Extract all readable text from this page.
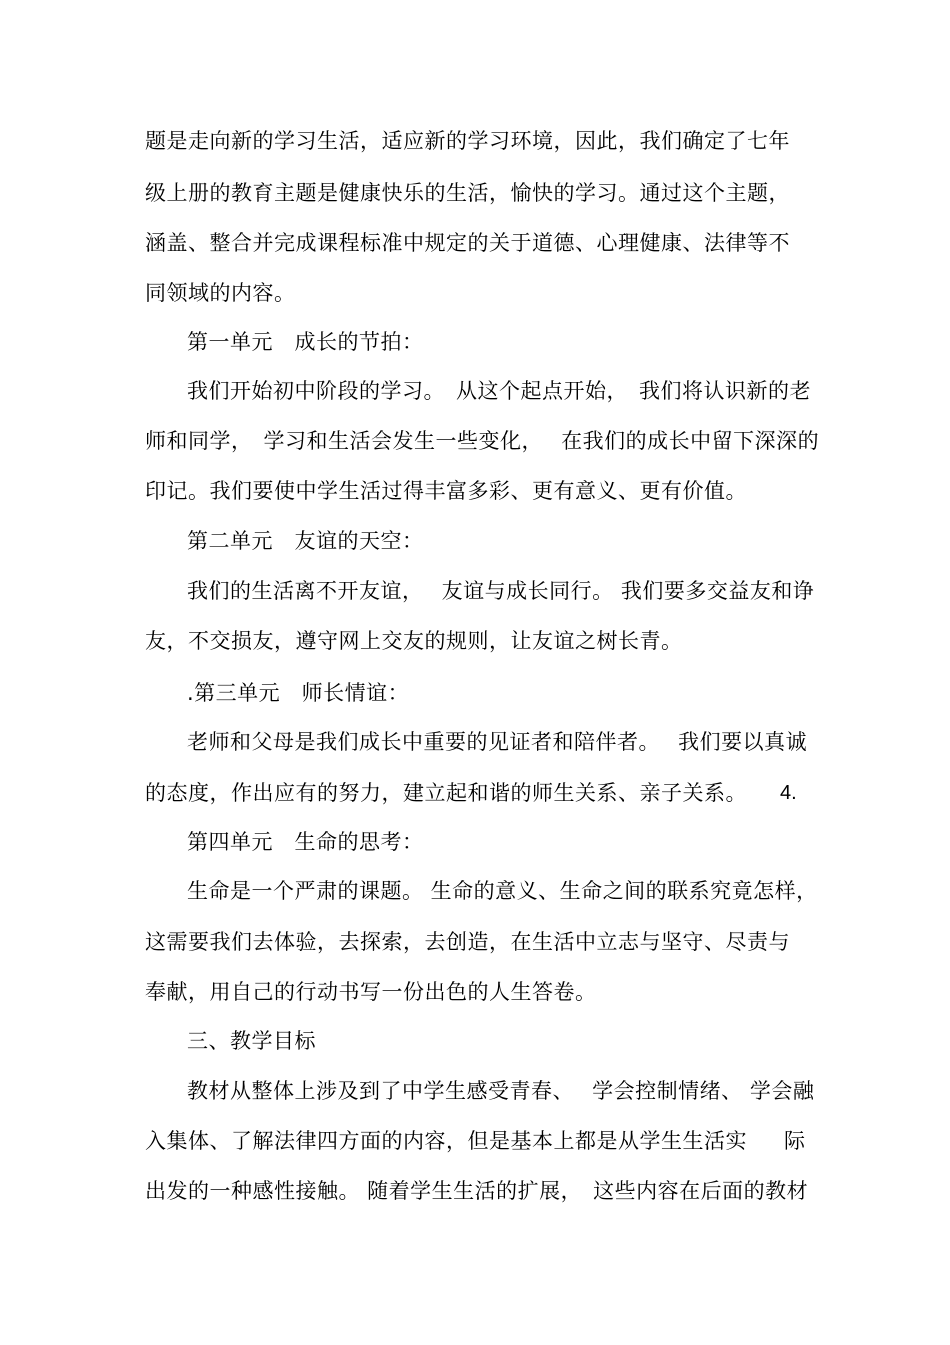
题是走向新的学习生活，适应新的学习环境，因此，我们确定了七年
级上册的教育主题是健康快乐的生活，愉快的学习。通过这个主题，
涵盖、整合并完成课程标准中规定的关于道德、心理健康、法律等不
同领域的内容。
第一单元　成长的节拍：
我们开始初中阶段的学习。　从这个起点开始，　我们将认识新的老
师和同学，　学习和生活会发生一些变化，　 在我们的成长中留下深深的
印记。我们要使中学生活过得丰富多彩、更有意义、更有价值。
第二单元　友谊的天空：
我们的生活离不开友谊，　 友谊与成长同行。 我们要多交益友和诤
友，不交损友，遵守网上交友的规则，让友谊之树长青。
.第三单元　师长情谊：
老师和父母是我们成长中重要的见证者和陪伴者。　 我们要以真诚
的态度，作出应有的努力，建立起和谐的师生关系、亲子关系。 4.
第四单元　生命的思考：
生命是一个严肃的课题。 生命的意义、生命之间的联系究竟怎样，
这需要我们去体验，去探索，去创造，在生活中立志与坚守、尽责与
奉献，用自己的行动书写一份出色的人生答卷。
三、教学目标
教材从整体上涉及到了中学生感受青春、　 学会控制情绪、 学会融
入集体、了解法律四方面的内容，但是基本上都是从学生生活实 际
出发的一种感性接触。 随着学生生活的扩展，　这些内容在后面的教材
